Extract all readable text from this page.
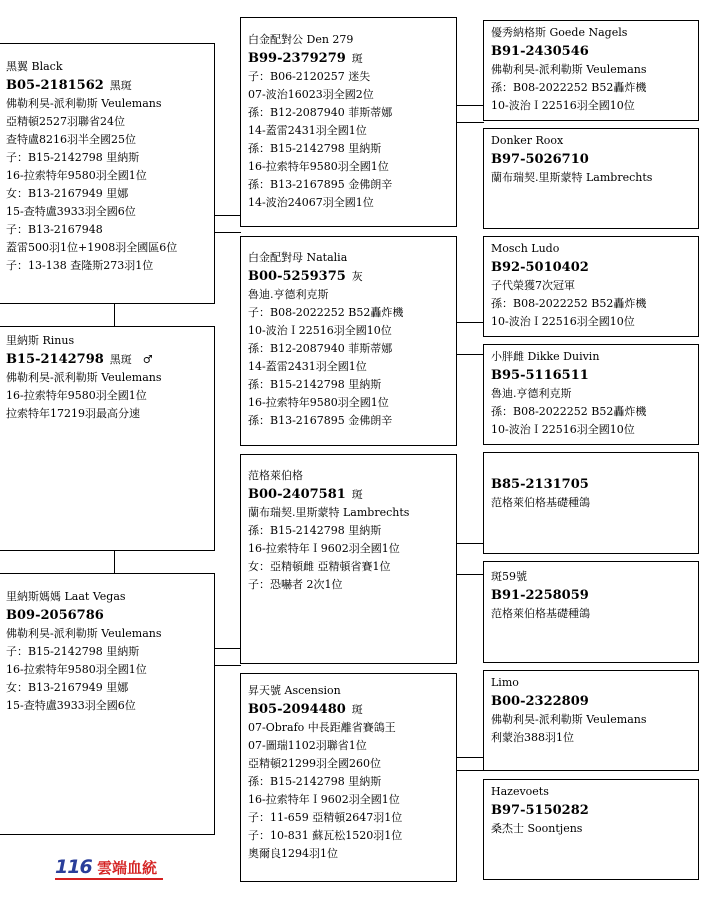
黑翼 Black
B05-2181562 黑斑
佛勒利昊-派利勒斯 Veulemans
亞精頓2527羽聯省24位
查特盧8216羽半全國25位
子：B15-2142798 里納斯
16-拉索特年9580羽全國1位
女：B13-2167949 里娜
15-查特盧3933羽全國6位
子：B13-2167948
蓋雷500羽1位+1908羽全國區6位
子：13-138 查隆斯273羽1位
里納斯 Rinus
B15-2142798 黑斑　♂
佛勒利昊-派利勒斯 Veulemans
16-拉索特年9580羽全國1位
拉索特年17219羽最高分速
里納斯媽媽 Laat Vegas
B09-2056786
佛勒利昊-派利勒斯 Veulemans
子：B15-2142798 里納斯
16-拉索特年9580羽全國1位
女：B13-2167949 里娜
15-查特盧3933羽全國6位
白金配對公 Den 279
B99-2379279 斑
子：B06-2120257 迷失
07-波治16023羽全國2位
孫：B12-2087940 菲斯蒂娜
14-蓋雷2431羽全國1位
孫：B15-2142798 里納斯
16-拉索特年9580羽全國1位
孫：B13-2167895 金佛朗辛
14-波治24067羽全國1位
白金配對母 Natalia
B00-5259375 灰
魯迪.亨德利克斯
子：B08-2022252 B52轟炸機
10-波治Ｉ22516羽全國10位
孫：B12-2087940 菲斯蒂娜
14-蓋雷2431羽全國1位
孫：B15-2142798 里納斯
16-拉索特年9580羽全國1位
孫：B13-2167895 金佛朗辛
范格萊伯格
B00-2407581 斑
蘭布瑞契.里斯蒙特 Lambrechts
孫：B15-2142798 里納斯
16-拉索特年Ｉ9602羽全國1位
女：亞精頓雌 亞精頓省賽1位
子：恐嚇者 2次1位
昇天號 Ascension
B05-2094480 斑
07-Obrafo 中長距離省賽鴿王
07-圖瑞1102羽聯省1位
亞精頓21299羽全國260位
孫：B15-2142798 里納斯
16-拉索特年Ｉ9602羽全國1位
子：11-659 亞精頓2647羽1位
子：10-831 蘇瓦松1520羽1位
奧爾良1294羽1位
優秀納格斯 Goede Nagels
B91-2430546
佛勒利昊-派利勒斯 Veulemans
孫：B08-2022252 B52轟炸機
10-波治Ｉ22516羽全國10位
Donker Roox
B97-5026710
蘭布瑞契.里斯蒙特 Lambrechts
Mosch Ludo
B92-5010402
子代榮獲7次冠軍
孫：B08-2022252 B52轟炸機
10-波治Ｉ22516羽全國10位
小胖雌 Dikke Duivin
B95-5116511
魯迪.亨德利克斯
孫：B08-2022252 B52轟炸機
10-波治Ｉ22516羽全國10位
B85-2131705
范格萊伯格基礎種鴿
斑59號
B91-2258059
范格萊伯格基礎種鴿
Limo
B00-2322809
佛勒利昊-派利勒斯 Veulemans
利蒙治388羽1位
Hazevoets
B97-5150282
桑杰士 Soontjens
116 雲端血統
